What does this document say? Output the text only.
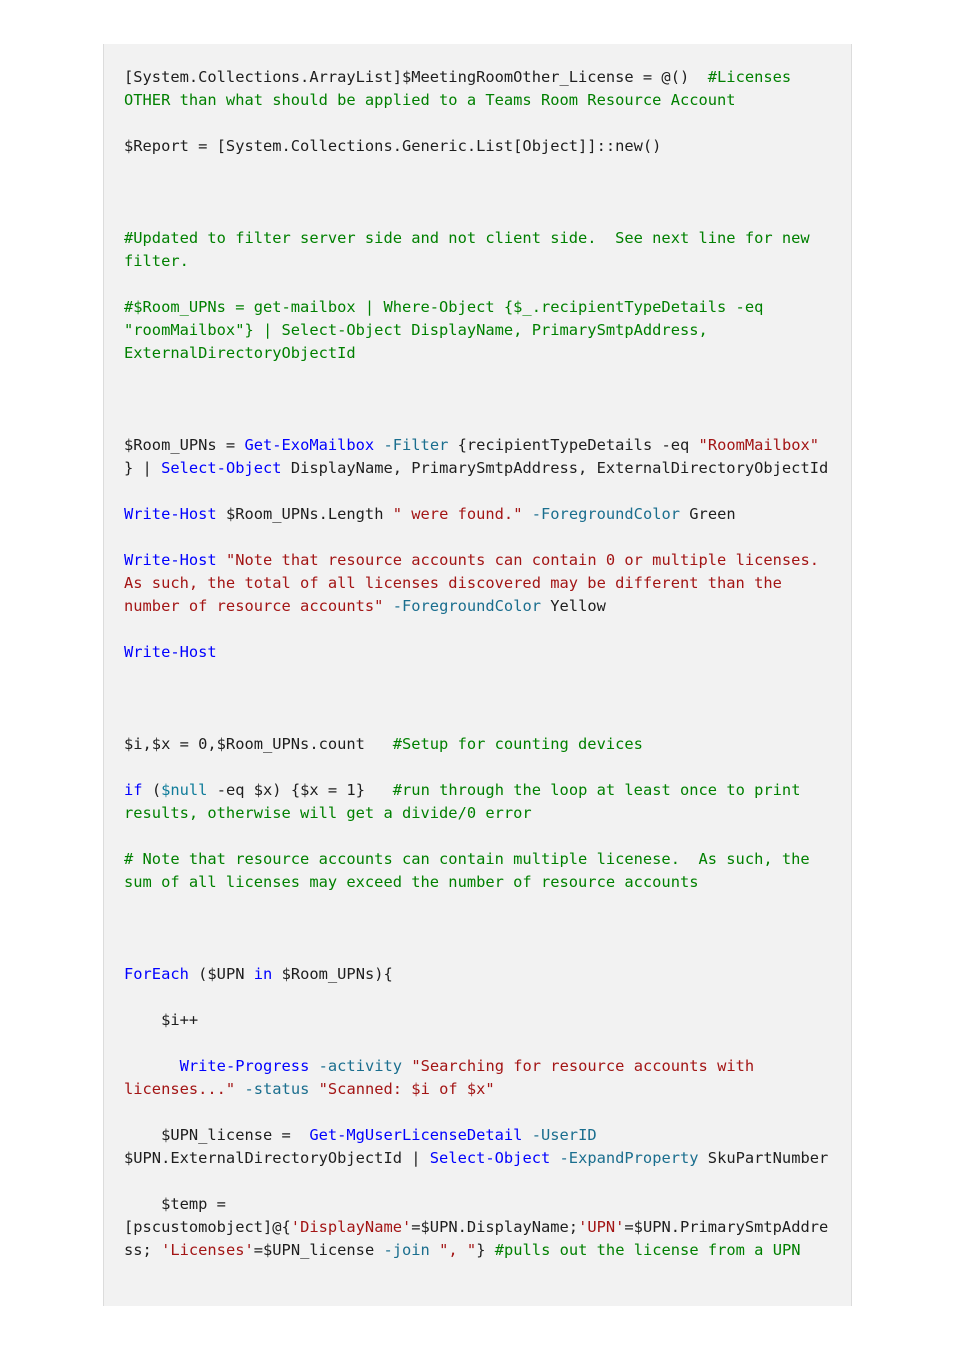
[System.Collections.ArrayList]$MeetingRoomOther_License = @()  #Licenses
OTHER than what should be applied to a Teams Room Resource Account
$Report = [System.Collections.Generic.List[Object]]::new()
#Updated to filter server side and not client side.  See next line for new
filter.
#$Room_UPNs = get-mailbox | Where-Object {$_.recipientTypeDetails -eq
"roomMailbox"} | Select-Object DisplayName, PrimarySmtpAddress,
ExternalDirectoryObjectId
$Room_UPNs = Get-ExoMailbox -Filter {recipientTypeDetails -eq "RoomMailbox"
} | Select-Object DisplayName, PrimarySmtpAddress, ExternalDirectoryObjectId
Write-Host $Room_UPNs.Length " were found." -ForegroundColor Green
Write-Host "Note that resource accounts can contain 0 or multiple licenses.
As such, the total of all licenses discovered may be different than the
number of resource accounts" -ForegroundColor Yellow
Write-Host
$i,$x = 0,$Room_UPNs.count   #Setup for counting devices
if ($null -eq $x) {$x = 1}   #run through the loop at least once to print
results, otherwise will get a divide/0 error
# Note that resource accounts can contain multiple licenese.  As such, the
sum of all licenses may exceed the number of resource accounts
ForEach ($UPN in $Room_UPNs){
$i++
Write-Progress -activity "Searching for resource accounts with
licenses..." -status "Scanned: $i of $x"
$UPN_license =  Get-MgUserLicenseDetail -UserID
$UPN.ExternalDirectoryObjectId | Select-Object -ExpandProperty SkuPartNumber
$temp =
[pscustomobject]@{'DisplayName'=$UPN.DisplayName;'UPN'=$UPN.PrimarySmtpAddre
ss; 'Licenses'=$UPN_license -join ", "} #pulls out the license from a UPN
